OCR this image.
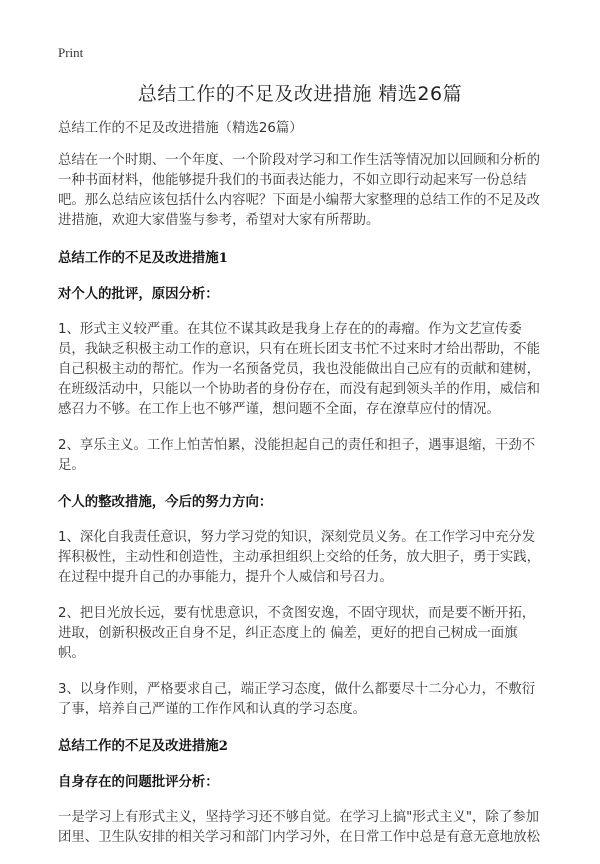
Print
总结工作的不足及改进措施 精选26篇

总结工作的不足及改进措施（精选26篇）

总结在一个时期、一个年度、一个阶段对学习和工作生活等情况加以回顾和分析的一种书面材料，他能够提升我们的书面表达能力，不如立即行动起来写一份总结吧。那么总结应该包括什么内容呢？下面是小编帮大家整理的总结工作的不足及改进措施，欢迎大家借鉴与参考，希望对大家有所帮助。

总结工作的不足及改进措施1

对个人的批评，原因分析：

1、形式主义较严重。在其位不谋其政是我身上存在的的毒瘤。作为文艺宣传委员，我缺乏积极主动工作的意识，只有在班长团支书忙不过来时才给出帮助，不能自己积极主动的帮忙。作为一名预备党员，我也没能做出自己应有的贡献和建树，在班级活动中，只能以一个协助者的身份存在，而没有起到领头羊的作用，威信和感召力不够。在工作上也不够严谨，想问题不全面，存在潦草应付的情况。

2、享乐主义。工作上怕苦怕累，没能担起自己的责任和担子，遇事退缩，干劲不足。

个人的整改措施，今后的努力方向：

1、深化自我责任意识，努力学习党的知识，深刻党员义务。在工作学习中充分发挥积极性，主动性和创造性，主动承担组织上交给的任务，放大胆子，勇于实践，在过程中提升自己的办事能力，提升个人威信和号召力。

2、把目光放长远，要有忧患意识，不贪图安逸，不固守现状，而是要不断开拓，进取，创新积极改正自身不足，纠正态度上的 偏差，更好的把自己树成一面旗帜。

3、以身作则，严格要求自己，端正学习态度，做什么都要尽十二分心力，不敷衍了事，培养自己严谨的工作作风和认真的学习态度。

总结工作的不足及改进措施2

自身存在的问题批评分析：

一是学习上有形式主义，坚持学习还不够自觉。在学习上搞"形式主义"，除了参加团里、卫生队安排的相关学习和部门内学习外，在日常工作中总是有意无意地放松
